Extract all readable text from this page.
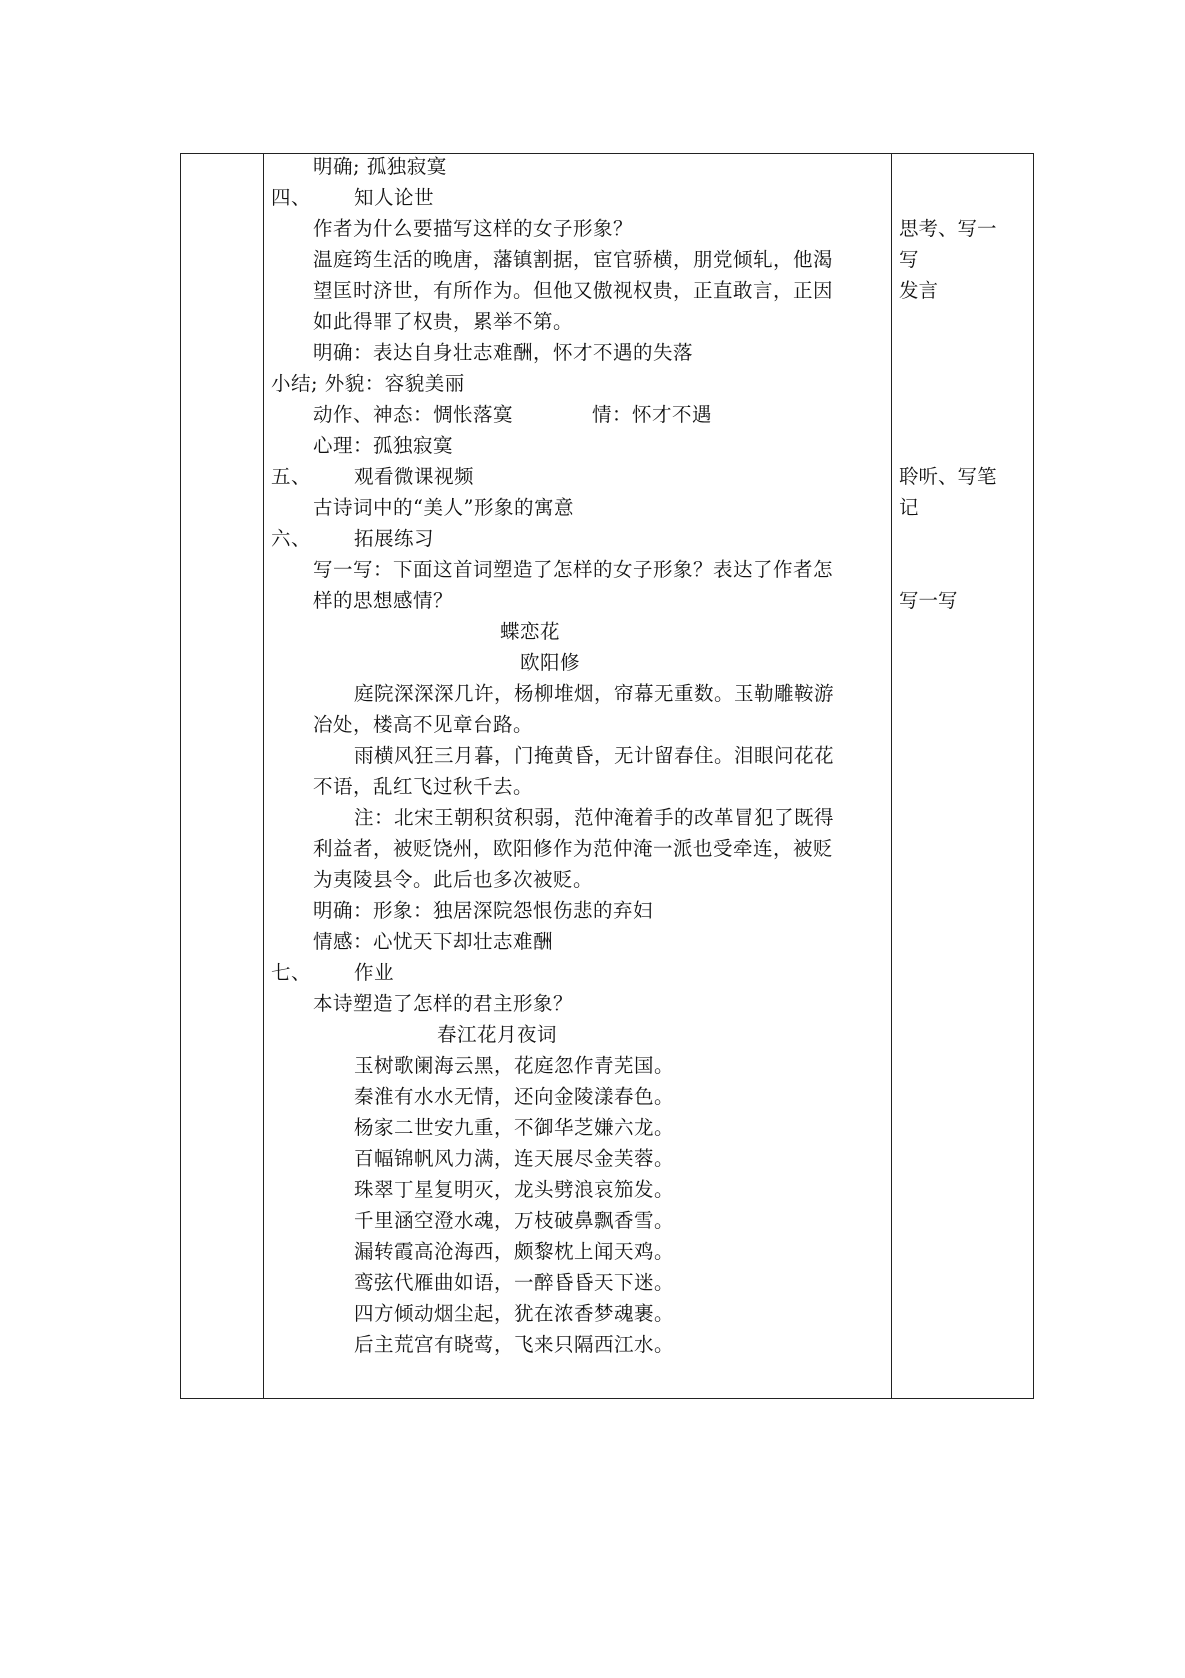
明确; 孤独寂寞
四、 知人论世
作者为什么要描写这样的女子形象？
温庭筠生活的晚唐，藩镇割据，宦官骄横，朋党倾轧，他渴
望匡时济世，有所作为。但他又傲视权贵，正直敢言，正因
如此得罪了权贵，累举不第。
明确：表达自身壮志难酬，怀才不遇的失落
小结; 外貌：容貌美丽
动作、神态：惆怅落寞	情：怀才不遇
心理：孤独寂寞
五、 观看微课视频
古诗词中的“美人”形象的寓意
六、 拓展练习
写一写：下面这首词塑造了怎样的女子形象？表达了作者怎
样的思想感情？
蝶恋花
欧阳修
庭院深深深几许，杨柳堆烟，帘幕无重数。玉勒雕鞍游
冶处，楼高不见章台路。
雨横风狂三月暮，门掩黄昏，无计留春住。泪眼问花花
不语，乱红飞过秋千去。
注：北宋王朝积贫积弱，范仲淹着手的改革冒犯了既得
利益者，被贬饶州，欧阳修作为范仲淹一派也受牵连，被贬
为夷陵县令。此后也多次被贬。
明确：形象：独居深院怨恨伤悲的弃妇
情感：心忧天下却壮志难酬
七、 作业
本诗塑造了怎样的君主形象？
春江花月夜词
玉树歌阑海云黑，花庭忽作青芜国。
秦淮有水水无情，还向金陵漾春色。
杨家二世安九重，不御华芝嫌六龙。
百幅锦帆风力满，连天展尽金芙蓉。
珠翠丁星复明灭，龙头劈浪哀笳发。
千里涵空澄水魂，万枝破鼻飘香雪。
漏转霞高沧海西，颇黎枕上闻天鸡。
鸾弦代雁曲如语，一醉昏昏天下迷。
四方倾动烟尘起，犹在浓香梦魂裹。
后主荒宫有晓莺，飞来只隔西江水。
思考、写一
写
发言
聆听、写笔
记
写一写
